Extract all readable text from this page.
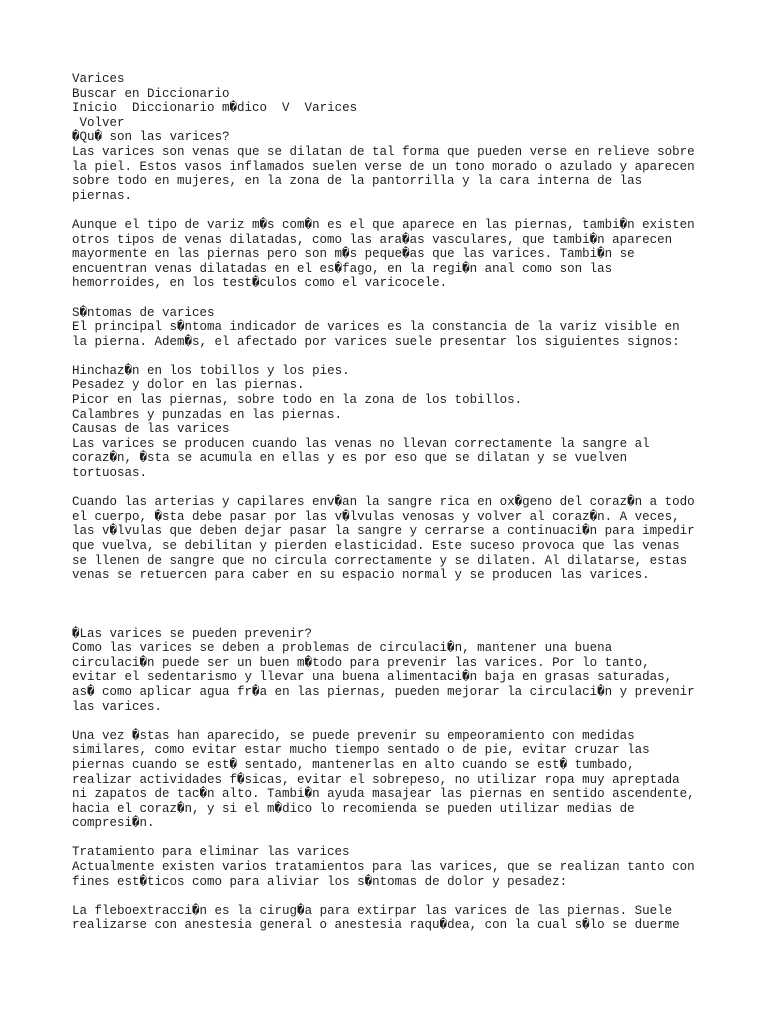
Varices
Buscar en Diccionario
Inicio  Diccionario m�dico  V  Varices
Volver
�Qu� son las varices?
Las varices son venas que se dilatan de tal forma que pueden verse en relieve sobre
la piel. Estos vasos inflamados suelen verse de un tono morado o azulado y aparecen
sobre todo en mujeres, en la zona de la pantorrilla y la cara interna de las
piernas.
Aunque el tipo de variz m�s com�n es el que aparece en las piernas, tambi�n existen
otros tipos de venas dilatadas, como las ara�as vasculares, que tambi�n aparecen
mayormente en las piernas pero son m�s peque�as que las varices. Tambi�n se
encuentran venas dilatadas en el es�fago, en la regi�n anal como son las
hemorroides, en los test�culos como el varicocele.
S�ntomas de varices
El principal s�ntoma indicador de varices es la constancia de la variz visible en
la pierna. Adem�s, el afectado por varices suele presentar los siguientes signos:
Hinchaz�n en los tobillos y los pies.
Pesadez y dolor en las piernas.
Picor en las piernas, sobre todo en la zona de los tobillos.
Calambres y punzadas en las piernas.
Causas de las varices
Las varices se producen cuando las venas no llevan correctamente la sangre al
coraz�n, �sta se acumula en ellas y es por eso que se dilatan y se vuelven
tortuosas.
Cuando las arterias y capilares env�an la sangre rica en ox�geno del coraz�n a todo
el cuerpo, �sta debe pasar por las v�lvulas venosas y volver al coraz�n. A veces,
las v�lvulas que deben dejar pasar la sangre y cerrarse a continuaci�n para impedir
que vuelva, se debilitan y pierden elasticidad. Este suceso provoca que las venas
se llenen de sangre que no circula correctamente y se dilaten. Al dilatarse, estas
venas se retuercen para caber en su espacio normal y se producen las varices.
�Las varices se pueden prevenir?
Como las varices se deben a problemas de circulaci�n, mantener una buena
circulaci�n puede ser un buen m�todo para prevenir las varices. Por lo tanto,
evitar el sedentarismo y llevar una buena alimentaci�n baja en grasas saturadas,
as� como aplicar agua fr�a en las piernas, pueden mejorar la circulaci�n y prevenir
las varices.
Una vez �stas han aparecido, se puede prevenir su empeoramiento con medidas
similares, como evitar estar mucho tiempo sentado o de pie, evitar cruzar las
piernas cuando se est� sentado, mantenerlas en alto cuando se est� tumbado,
realizar actividades f�sicas, evitar el sobrepeso, no utilizar ropa muy apreptada
ni zapatos de tac�n alto. Tambi�n ayuda masajear las piernas en sentido ascendente,
hacia el coraz�n, y si el m�dico lo recomienda se pueden utilizar medias de
compresi�n.
Tratamiento para eliminar las varices
Actualmente existen varios tratamientos para las varices, que se realizan tanto con
fines est�ticos como para aliviar los s�ntomas de dolor y pesadez:
La fleboextracci�n es la cirug�a para extirpar las varices de las piernas. Suele
realizarse con anestesia general o anestesia raqu�dea, con la cual s�lo se duerme
